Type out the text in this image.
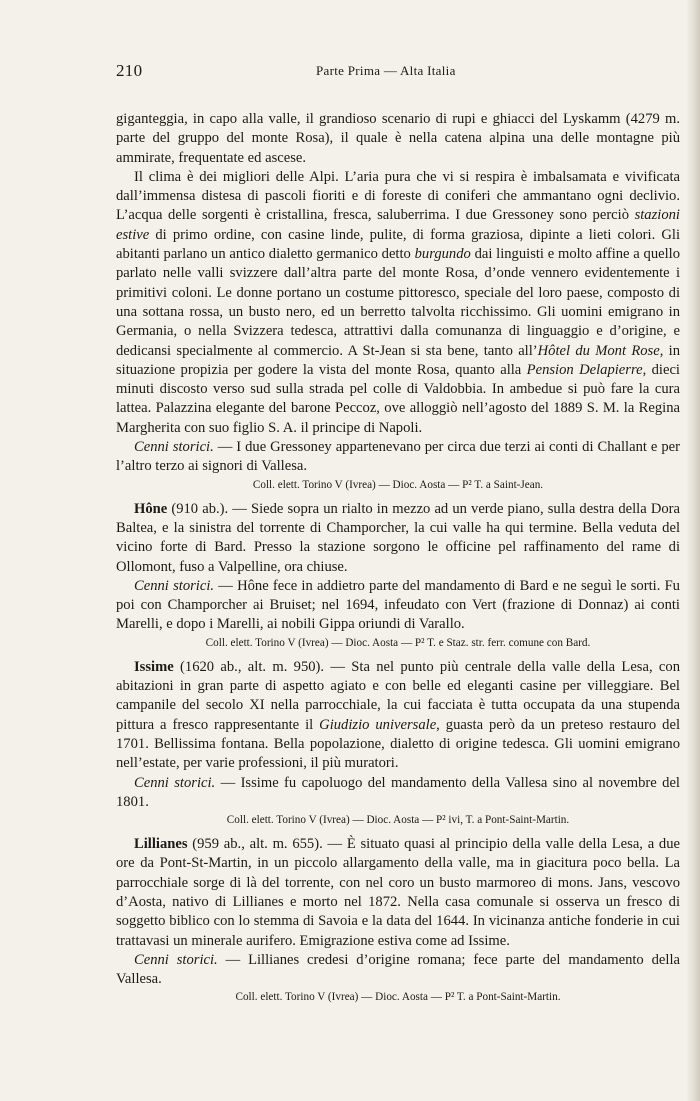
210	Parte Prima — Alta Italia

giganteggia, in capo alla valle, il grandioso scenario di rupi e ghiacci del Lyskamm (4279 m. parte del gruppo del monte Rosa), il quale è nella catena alpina una delle montagne più ammirate, frequentate ed ascese.

Il clima è dei migliori delle Alpi. L’aria pura che vi si respira è imbalsamata e vivificata dall’immensa distesa di pascoli fioriti e di foreste di coniferi che ammantano ogni declivio. L’acqua delle sorgenti è cristallina, fresca, saluberrima. I due Gressoney sono perciò stazioni estive di primo ordine, con casine linde, pulite, di forma graziosa, dipinte a lieti colori. Gli abitanti parlano un antico dialetto germanico detto burgundo dai linguisti e molto affine a quello parlato nelle valli svizzere dall’altra parte del monte Rosa, d’onde vennero evidentemente i primitivi coloni. Le donne portano un costume pittoresco, speciale del loro paese, composto di una sottana rossa, un busto nero, ed un berretto talvolta ricchissimo. Gli uomini emigrano in Germania, o nella Svizzera tedesca, attrattivi dalla comunanza di linguaggio e d’origine, e dedicansi specialmente al commercio. A St-Jean si sta bene, tanto all’Hôtel du Mont Rose, in situazione propizia per godere la vista del monte Rosa, quanto alla Pension Delapierre, dieci minuti discosto verso sud sulla strada pel colle di Valdobbia. In ambedue si può fare la cura lattea. Palazzina elegante del barone Peccoz, ove alloggiò nell’agosto del 1889 S. M. la Regina Margherita con suo figlio S. A. il principe di Napoli.

Cenni storici. — I due Gressoney appartenevano per circa due terzi ai conti di Challant e per l’altro terzo ai signori di Vallesa.

Coll. elett. Torino V (Ivrea) — Dioc. Aosta — P² T. a Saint-Jean.

Hône (910 ab.). — Siede sopra un rialto in mezzo ad un verde piano, sulla destra della Dora Baltea, e la sinistra del torrente di Champorcher, la cui valle ha qui termine. Bella veduta del vicino forte di Bard. Presso la stazione sorgono le officine pel raffinamento del rame di Ollomont, fuso a Valpelline, ora chiuse.

Cenni storici. — Hône fece in addietro parte del mandamento di Bard e ne seguì le sorti. Fu poi con Champorcher ai Bruiset; nel 1694, infeudato con Vert (frazione di Donnaz) ai conti Marelli, e dopo i Marelli, ai nobili Gippa oriundi di Varallo.

Coll. elett. Torino V (Ivrea) — Dioc. Aosta — P² T. e Staz. str. ferr. comune con Bard.

Issime (1620 ab., alt. m. 950). — Sta nel punto più centrale della valle della Lesa, con abitazioni in gran parte di aspetto agiato e con belle ed eleganti casine per villeggiare. Bel campanile del secolo XI nella parrocchiale, la cui facciata è tutta occupata da una stupenda pittura a fresco rappresentante il Giudizio universale, guasta però da un preteso restauro del 1701. Bellissima fontana. Bella popolazione, dialetto di origine tedesca. Gli uomini emigrano nell’estate, per varie professioni, il più muratori.

Cenni storici. — Issime fu capoluogo del mandamento della Vallesa sino al novembre del 1801.

Coll. elett. Torino V (Ivrea) — Dioc. Aosta — P² ivi, T. a Pont-Saint-Martin.

Lillianes (959 ab., alt. m. 655). — È situato quasi al principio della valle della Lesa, a due ore da Pont-St-Martin, in un piccolo allargamento della valle, ma in giacitura poco bella. La parrocchiale sorge di là del torrente, con nel coro un busto marmoreo di mons. Jans, vescovo d’Aosta, nativo di Lillianes e morto nel 1872. Nella casa comunale si osserva un fresco di soggetto biblico con lo stemma di Savoia e la data del 1644. In vicinanza antiche fonderie in cui trattavasi un minerale aurifero. Emigrazione estiva come ad Issime.

Cenni storici. — Lillianes credesi d’origine romana; fece parte del mandamento della Vallesa.

Coll. elett. Torino V (Ivrea) — Dioc. Aosta — P² T. a Pont-Saint-Martin.
